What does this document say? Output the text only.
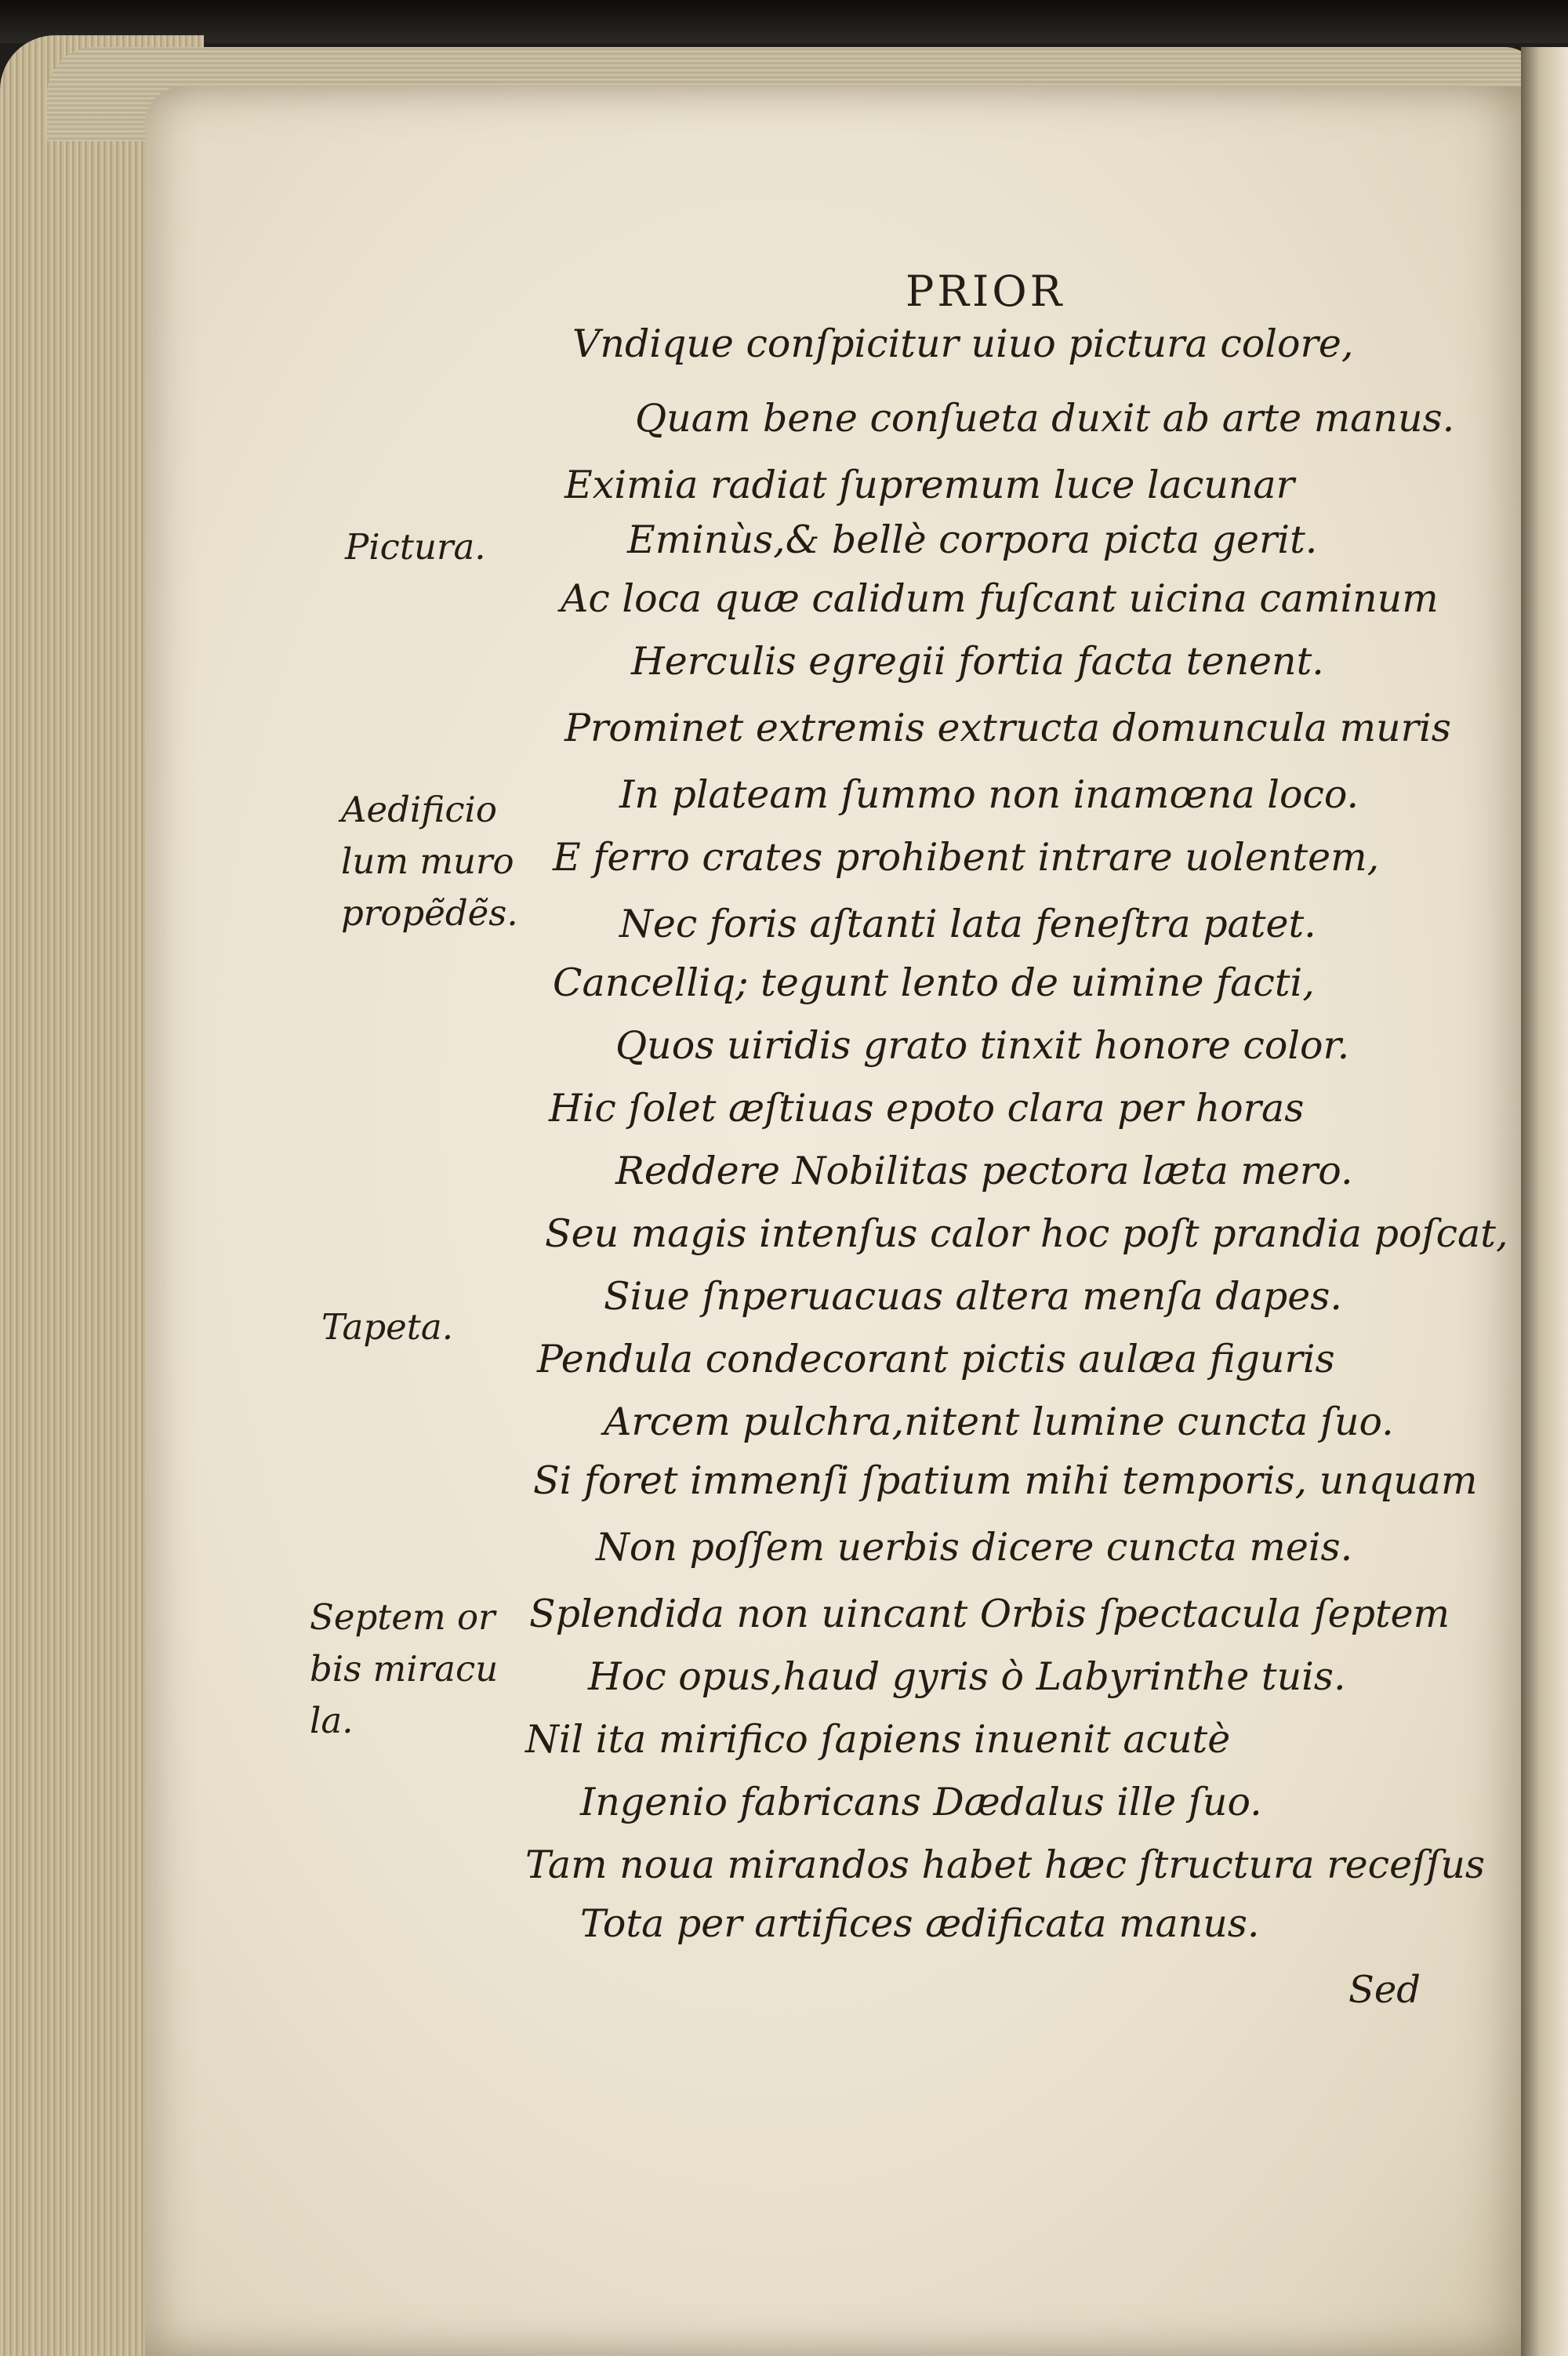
PRIOR
Vndique conſpicitur uiuo pictura colore,
Quam bene conſueta duxit ab arte manus.
Eximia radiat ſupremum luce lacunar
Eminùs,& bellè corpora picta gerit.
Ac loca quæ calidum fuſcant uicina caminum
Herculis egregii fortia facta tenent.
Prominet extremis extructa domuncula muris
In plateam ſummo non inamœna loco.
E ferro crates prohibent intrare uolentem,
Nec foris aſtanti lata feneſtra patet.
Cancelliq; tegunt lento de uimine facti,
Quos uiridis grato tinxit honore color.
Hic ſolet æſtiuas epoto clara per horas
Reddere Nobilitas pectora læta mero.
Seu magis intenſus calor hoc poſt prandia poſcat,
Siue ſnperuacuas altera menſa dapes.
Pendula condecorant pictis aulæa figuris
Arcem pulchra,nitent lumine cuncta ſuo.
Si foret immenſi ſpatium mihi temporis, unquam
Non poſſem uerbis dicere cuncta meis.
Splendida non uincant Orbis ſpectacula ſeptem
Hoc opus,haud gyris ò Labyrinthe tuis.
Nil ita mirifico ſapiens inuenit acutè
Ingenio fabricans Dædalus ille ſuo.
Tam noua mirandos habet hæc ſtructura receſſus
Tota per artifices ædificata manus.
Pictura.
Aedificio
lum muro
propẽdẽs.
Tapeta.
Septem or
bis miracu
la.
Sed
